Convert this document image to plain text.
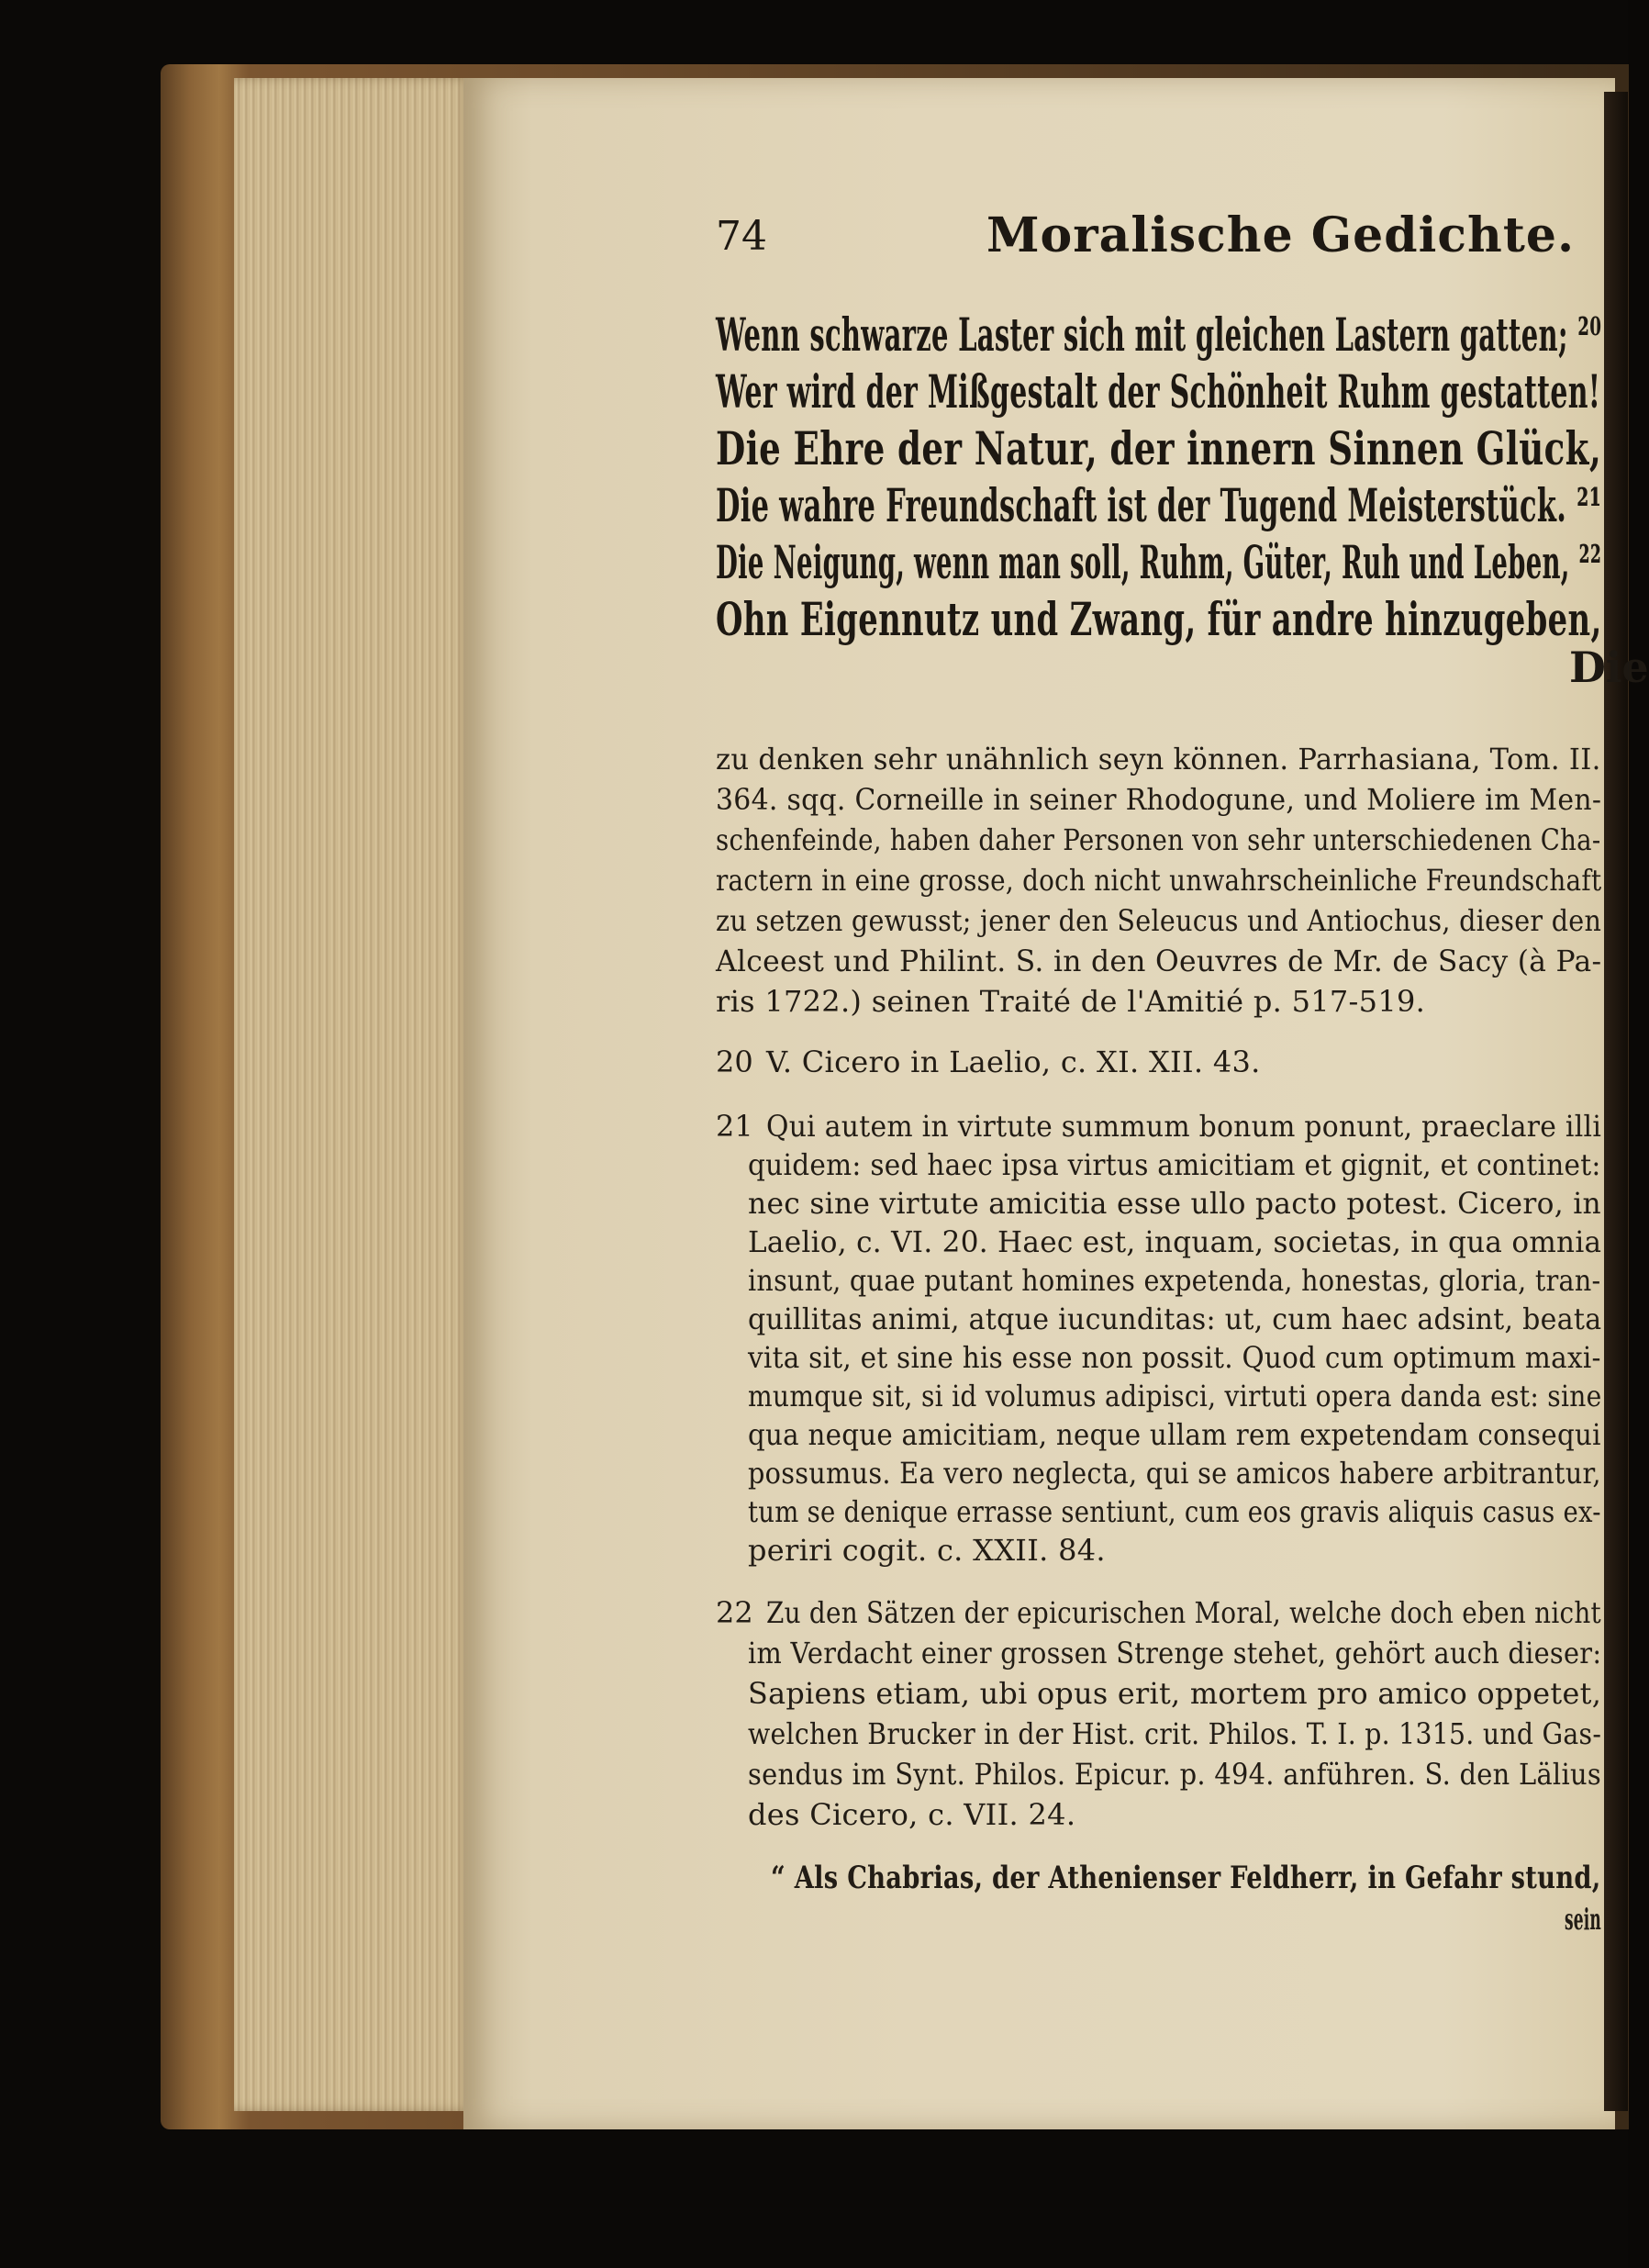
74	Moralische Gedichte.
Wenn schwarze Laster sich mit gleichen Lastern gatten; ²⁰
Wer wird der Mißgestalt der Schönheit Ruhm gestatten!
Die Ehre der Natur, der innern Sinnen Glück,
Die wahre Freundschaft ist der Tugend Meisterstück. ²¹
Die Neigung, wenn man soll, Ruhm, Güter, Ruh und Leben, ²²
Ohn Eigennutz und Zwang, für andre hinzugeben,
Die
zu denken sehr unähnlich seyn können. Parrhasiana, Tom. II.
364. sqq. Corneille in seiner Rhodogune, und Moliere im Men-
schenfeinde, haben daher Personen von sehr unterschiedenen Cha-
ractern in eine grosse, doch nicht unwahrscheinliche Freundschaft
zu setzen gewusst; jener den Seleucus und Antiochus, dieser den
Alceest und Philint. S. in den Oeuvres de Mr. de Sacy (à Pa-
ris 1722.) seinen Traité de l'Amitié p. 517-519.
20 V. Cicero in Laelio, c. XI. XII. 43.
21 Qui autem in virtute summum bonum ponunt, praeclare illi
quidem: sed haec ipsa virtus amicitiam et gignit, et continet:
nec sine virtute amicitia esse ullo pacto potest. Cicero, in
Laelio, c. VI. 20. Haec est, inquam, societas, in qua omnia
insunt, quae putant homines expetenda, honestas, gloria, tran-
quillitas animi, atque iucunditas: ut, cum haec adsint, beata
vita sit, et sine his esse non possit. Quod cum optimum maxi-
mumque sit, si id volumus adipisci, virtuti opera danda est: sine
qua neque amicitiam, neque ullam rem expetendam consequi
possumus. Ea vero neglecta, qui se amicos habere arbitrantur,
tum se denique errasse sentiunt, cum eos gravis aliquis casus ex-
periri cogit. c. XXII. 84.
22 Zu den Sätzen der epicurischen Moral, welche doch eben nicht
im Verdacht einer grossen Strenge stehet, gehört auch dieser:
Sapiens etiam, ubi opus erit, mortem pro amico oppetet,
welchen Brucker in der Hist. crit. Philos. T. I. p. 1315. und Gas-
sendus im Synt. Philos. Epicur. p. 494. anführen. S. den Lälius
des Cicero, c. VII. 24.
“ Als Chabrias, der Athenienser Feldherr, in Gefahr stund,
sein
